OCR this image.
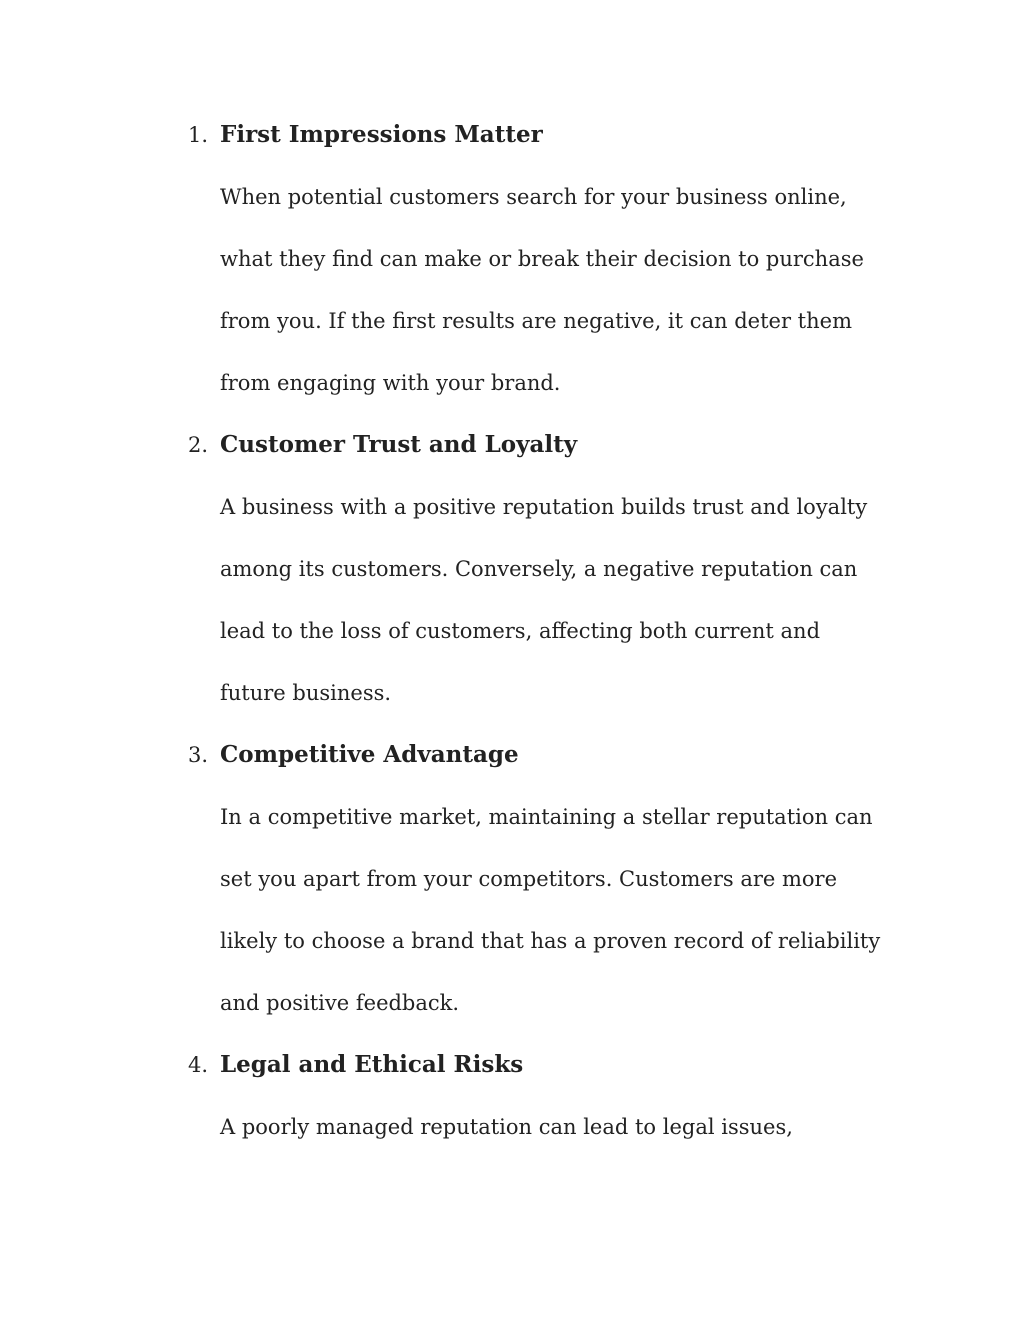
1. First Impressions Matter
When potential customers search for your business online,
what they find can make or break their decision to purchase
from you. If the first results are negative, it can deter them
from engaging with your brand.
2. Customer Trust and Loyalty
A business with a positive reputation builds trust and loyalty
among its customers. Conversely, a negative reputation can
lead to the loss of customers, affecting both current and
future business.
3. Competitive Advantage
In a competitive market, maintaining a stellar reputation can
set you apart from your competitors. Customers are more
likely to choose a brand that has a proven record of reliability
and positive feedback.
4. Legal and Ethical Risks
A poorly managed reputation can lead to legal issues,
